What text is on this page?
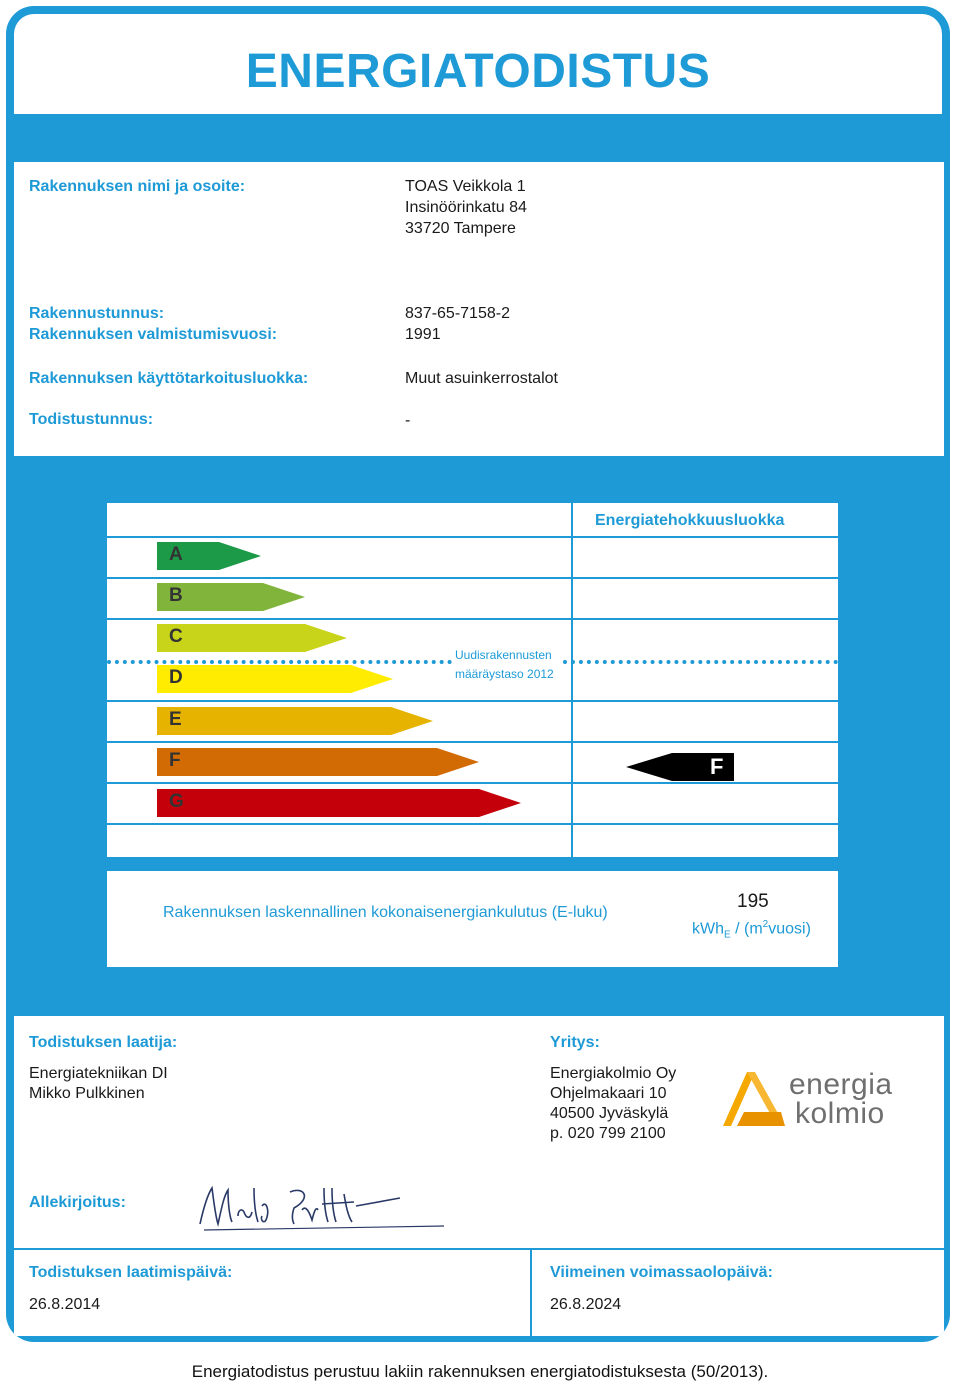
ENERGIATODISTUS
Rakennuksen nimi ja osoite:	TOAS Veikkola 1
Insinöörinkatu 84
33720 Tampere
Rakennustunnus:	837-65-7158-2
Rakennuksen valmistumisvuosi:	1991
Rakennuksen käyttötarkoitusluokka:	Muut asuinkerrostalot
Todistustunnus:	-
Energiatehokkuusluokka
A
B
C
D
E
F
G
Uudisrakennusten
määräystaso 2012
F
Rakennuksen laskennallinen kokonaisenergiankulutus (E-luku)
195
$kWh_E / (m^2vuosi)$
Todistuksen laatija:
Energiatekniikan DI
Mikko Pulkkinen
Yritys:
Energiakolmio Oy
Ohjelmakaari 10
40500 Jyväskylä
p. 020 799 2100
energia
kolmio
Allekirjoitus:
Todistuksen laatimispäivä:
26.8.2014
Viimeinen voimassaolopäivä:
26.8.2024
Energiatodistus perustuu lakiin rakennuksen energiatodistuksesta (50/2013).
